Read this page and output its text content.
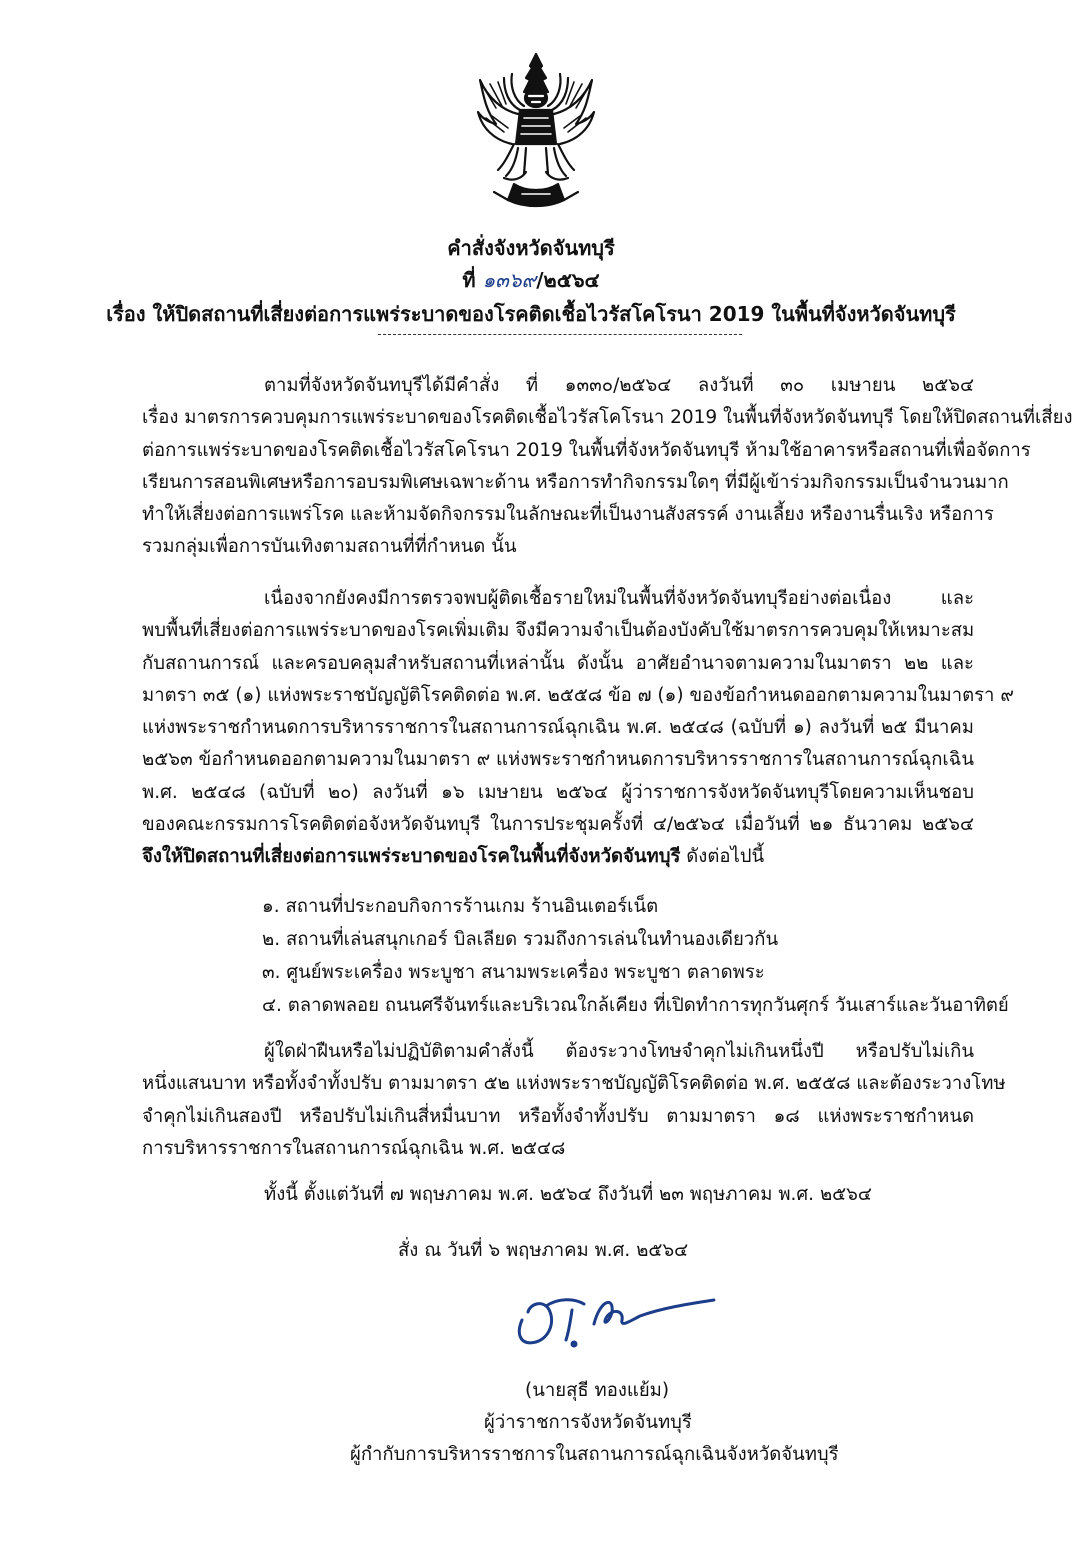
คำสั่งจังหวัดจันทบุรี
ที่ ๑๓๖๙/๒๕๖๔
เรื่อง ให้ปิดสถานที่เสี่ยงต่อการแพร่ระบาดของโรคติดเชื้อไวรัสโคโรนา 2019 ในพื้นที่จังหวัดจันทบุรี
ตามที่จังหวัดจันทบุรีได้มีคำสั่ง ที่ ๑๓๓๐/๒๕๖๔ ลงวันที่ ๓๐ เมษายน ๒๕๖๔
เรื่อง มาตรการควบคุมการแพร่ระบาดของโรคติดเชื้อไวรัสโคโรนา 2019 ในพื้นที่จังหวัดจันทบุรี โดยให้ปิดสถานที่เสี่ยง
ต่อการแพร่ระบาดของโรคติดเชื้อไวรัสโคโรนา 2019 ในพื้นที่จังหวัดจันทบุรี ห้ามใช้อาคารหรือสถานที่เพื่อจัดการ
เรียนการสอนพิเศษหรือการอบรมพิเศษเฉพาะด้าน หรือการทำกิจกรรมใดๆ ที่มีผู้เข้าร่วมกิจกรรมเป็นจำนวนมาก
ทำให้เสี่ยงต่อการแพร่โรค และห้ามจัดกิจกรรมในลักษณะที่เป็นงานสังสรรค์ งานเลี้ยง หรืองานรื่นเริง หรือการ
รวมกลุ่มเพื่อการบันเทิงตามสถานที่ที่กำหนด นั้น
เนื่องจากยังคงมีการตรวจพบผู้ติดเชื้อรายใหม่ในพื้นที่จังหวัดจันทบุรีอย่างต่อเนื่อง และ
พบพื้นที่เสี่ยงต่อการแพร่ระบาดของโรคเพิ่มเติม จึงมีความจำเป็นต้องบังคับใช้มาตรการควบคุมให้เหมาะสม
กับสถานการณ์ และครอบคลุมสำหรับสถานที่เหล่านั้น ดังนั้น อาศัยอำนาจตามความในมาตรา ๒๒ และ
มาตรา ๓๕ (๑) แห่งพระราชบัญญัติโรคติดต่อ พ.ศ. ๒๕๕๘ ข้อ ๗ (๑) ของข้อกำหนดออกตามความในมาตรา ๙
แห่งพระราชกำหนดการบริหารราชการในสถานการณ์ฉุกเฉิน พ.ศ. ๒๕๔๘ (ฉบับที่ ๑) ลงวันที่ ๒๕ มีนาคม
๒๕๖๓ ข้อกำหนดออกตามความในมาตรา ๙ แห่งพระราชกำหนดการบริหารราชการในสถานการณ์ฉุกเฉิน
พ.ศ. ๒๕๔๘ (ฉบับที่ ๒๐) ลงวันที่ ๑๖ เมษายน ๒๕๖๔ ผู้ว่าราชการจังหวัดจันทบุรีโดยความเห็นชอบ
ของคณะกรรมการโรคติดต่อจังหวัดจันทบุรี ในการประชุมครั้งที่ ๔/๒๕๖๔ เมื่อวันที่ ๒๑ ธันวาคม ๒๕๖๔
จึงให้ปิดสถานที่เสี่ยงต่อการแพร่ระบาดของโรคในพื้นที่จังหวัดจันทบุรี ดังต่อไปนี้
๑. สถานที่ประกอบกิจการร้านเกม ร้านอินเตอร์เน็ต
๒. สถานที่เล่นสนุกเกอร์ บิลเลียด รวมถึงการเล่นในทำนองเดียวกัน
๓. ศูนย์พระเครื่อง พระบูชา สนามพระเครื่อง พระบูชา ตลาดพระ
๔. ตลาดพลอย ถนนศรีจันทร์และบริเวณใกล้เคียง ที่เปิดทำการทุกวันศุกร์ วันเสาร์และวันอาทิตย์
ผู้ใดฝ่าฝืนหรือไม่ปฏิบัติตามคำสั่งนี้ ต้องระวางโทษจำคุกไม่เกินหนึ่งปี หรือปรับไม่เกิน
หนึ่งแสนบาท หรือทั้งจำทั้งปรับ ตามมาตรา ๕๒ แห่งพระราชบัญญัติโรคติดต่อ พ.ศ. ๒๕๕๘ และต้องระวางโทษ
จำคุกไม่เกินสองปี หรือปรับไม่เกินสี่หมื่นบาท หรือทั้งจำทั้งปรับ ตามมาตรา ๑๘ แห่งพระราชกำหนด
การบริหารราชการในสถานการณ์ฉุกเฉิน พ.ศ. ๒๕๔๘
ทั้งนี้ ตั้งแต่วันที่ ๗ พฤษภาคม พ.ศ. ๒๕๖๔ ถึงวันที่ ๒๓ พฤษภาคม พ.ศ. ๒๕๖๔
สั่ง ณ วันที่ ๖ พฤษภาคม พ.ศ. ๒๕๖๔
(นายสุธี ทองแย้ม)
ผู้ว่าราชการจังหวัดจันทบุรี
ผู้กำกับการบริหารราชการในสถานการณ์ฉุกเฉินจังหวัดจันทบุรี
